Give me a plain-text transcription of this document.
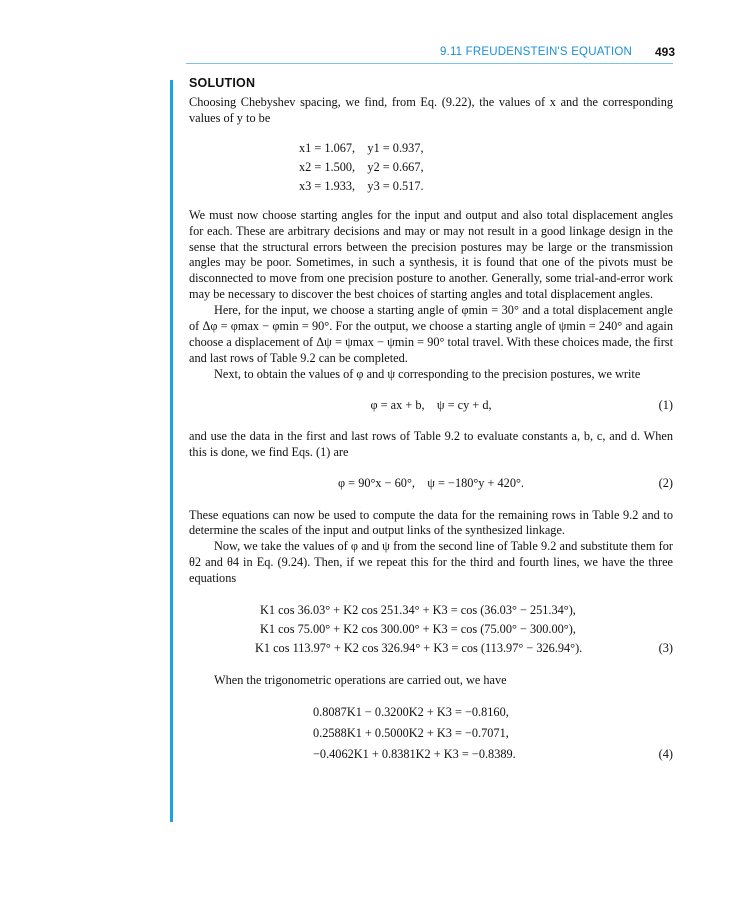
9.11 FREUDENSTEIN'S EQUATION 493
SOLUTION

Choosing Chebyshev spacing, we find, from Eq. (9.22), the values of x and the corresponding values of y to be

x1 = 1.067,    y1 = 0.937,
x2 = 1.500,    y2 = 0.667,
x3 = 1.933,    y3 = 0.517.

We must now choose starting angles for the input and output and also total displacement angles for each. These are arbitrary decisions and may or may not result in a good linkage design in the sense that the structural errors between the precision postures may be large or the transmission angles may be poor. Sometimes, in such a synthesis, it is found that one of the pivots must be disconnected to move from one precision posture to another. Generally, some trial-and-error work may be necessary to discover the best choices of starting angles and total displacement angles.

Here, for the input, we choose a starting angle of φmin = 30° and a total displacement angle of Δφ = φmax − φmin = 90°. For the output, we choose a starting angle of ψmin = 240° and again choose a displacement of Δψ = ψmax − ψmin = 90° total travel. With these choices made, the first and last rows of Table 9.2 can be completed.

Next, to obtain the values of φ and ψ corresponding to the precision postures, we write

φ = ax + b,    ψ = cy + d,	(1)

and use the data in the first and last rows of Table 9.2 to evaluate constants a, b, c, and d. When this is done, we find Eqs. (1) are

φ = 90°x − 60°,    ψ = −180°y + 420°.	(2)

These equations can now be used to compute the data for the remaining rows in Table 9.2 and to determine the scales of the input and output links of the synthesized linkage.

Now, we take the values of φ and ψ from the second line of Table 9.2 and substitute them for θ2 and θ4 in Eq. (9.24). Then, if we repeat this for the third and fourth lines, we have the three equations

K1 cos 36.03° + K2 cos 251.34° + K3 = cos (36.03° − 251.34°),
K1 cos 75.00° + K2 cos 300.00° + K3 = cos (75.00° − 300.00°),
K1 cos 113.97° + K2 cos 326.94° + K3 = cos (113.97° − 326.94°).	(3)

When the trigonometric operations are carried out, we have

0.8087K1 − 0.3200K2 + K3 = −0.8160,
0.2588K1 + 0.5000K2 + K3 = −0.7071,
−0.4062K1 + 0.8381K2 + K3 = −0.8389.	(4)
